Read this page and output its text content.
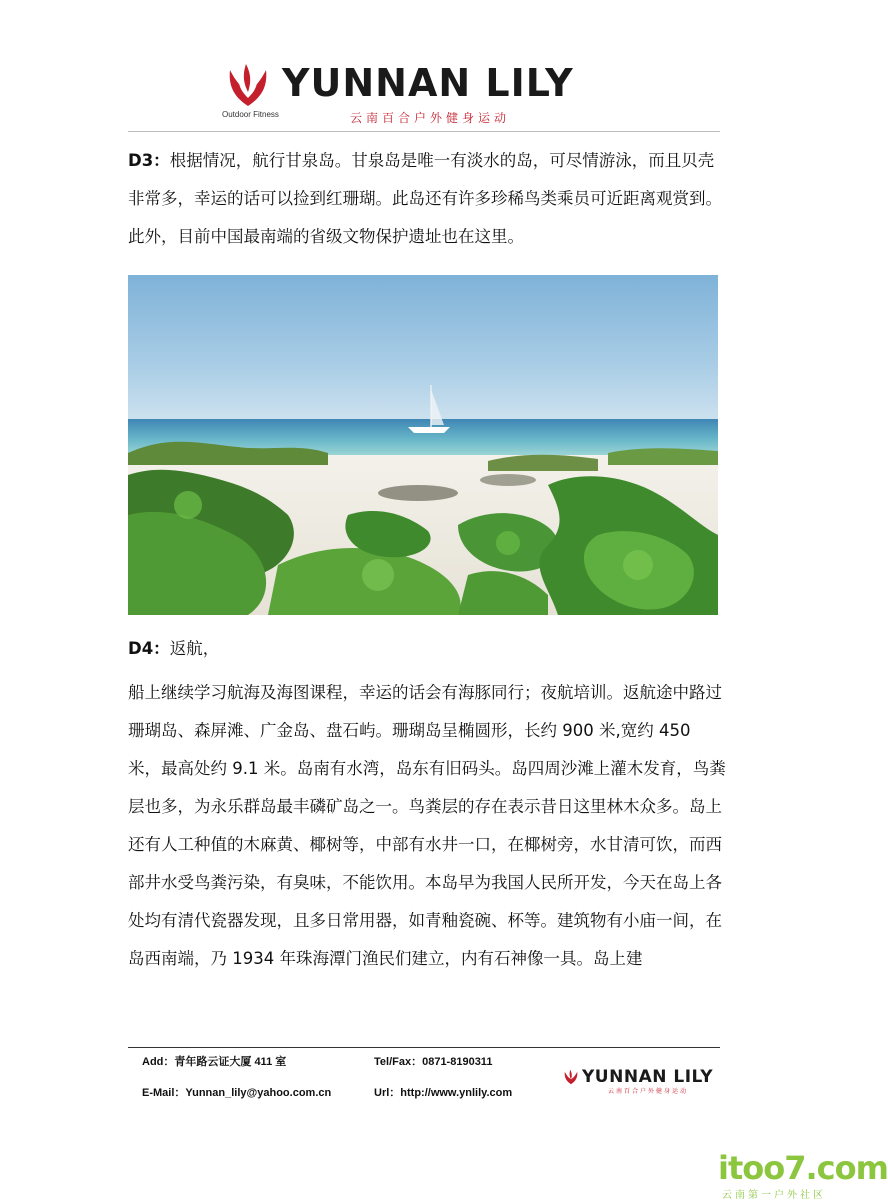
YUNNAN LILY
Outdoor Fitness	云南百合户外健身运动

D3：根据情况，航行甘泉岛。甘泉岛是唯一有淡水的岛，可尽情游泳，而且贝壳非常多，幸运的话可以捡到红珊瑚。此岛还有许多珍稀鸟类乘员可近距离观赏到。此外，目前中国最南端的省级文物保护遗址也在这里。

D4：返航，

船上继续学习航海及海图课程，幸运的话会有海豚同行；夜航培训。返航途中路过珊瑚岛、森屏滩、广金岛、盘石屿。珊瑚岛呈椭圆形，长约 900 米,宽约 450 米，最高处约 9.1 米。岛南有水湾，岛东有旧码头。岛四周沙滩上灌木发育，鸟粪层也多，为永乐群岛最丰磷矿岛之一。鸟粪层的存在表示昔日这里林木众多。岛上还有人工种值的木麻黄、椰树等，中部有水井一口，在椰树旁，水甘清可饮，而西部井水受鸟粪污染，有臭味，不能饮用。本岛早为我国人民所开发，今天在岛上各处均有清代瓷器发现，且多日常用器，如青釉瓷碗、杯等。建筑物有小庙一间，在岛西南端，乃 1934 年珠海潭门渔民们建立，内有石神像一具。岛上建

Add：青年路云证大厦 411 室	Tel/Fax：0871-8190311
E-Mail：Yunnan_lily@yahoo.com.cn	Url：http://www.ynlily.com
YUNNAN LILY
云南百合户外健身运动
itoo7.com
云南第一户外社区
